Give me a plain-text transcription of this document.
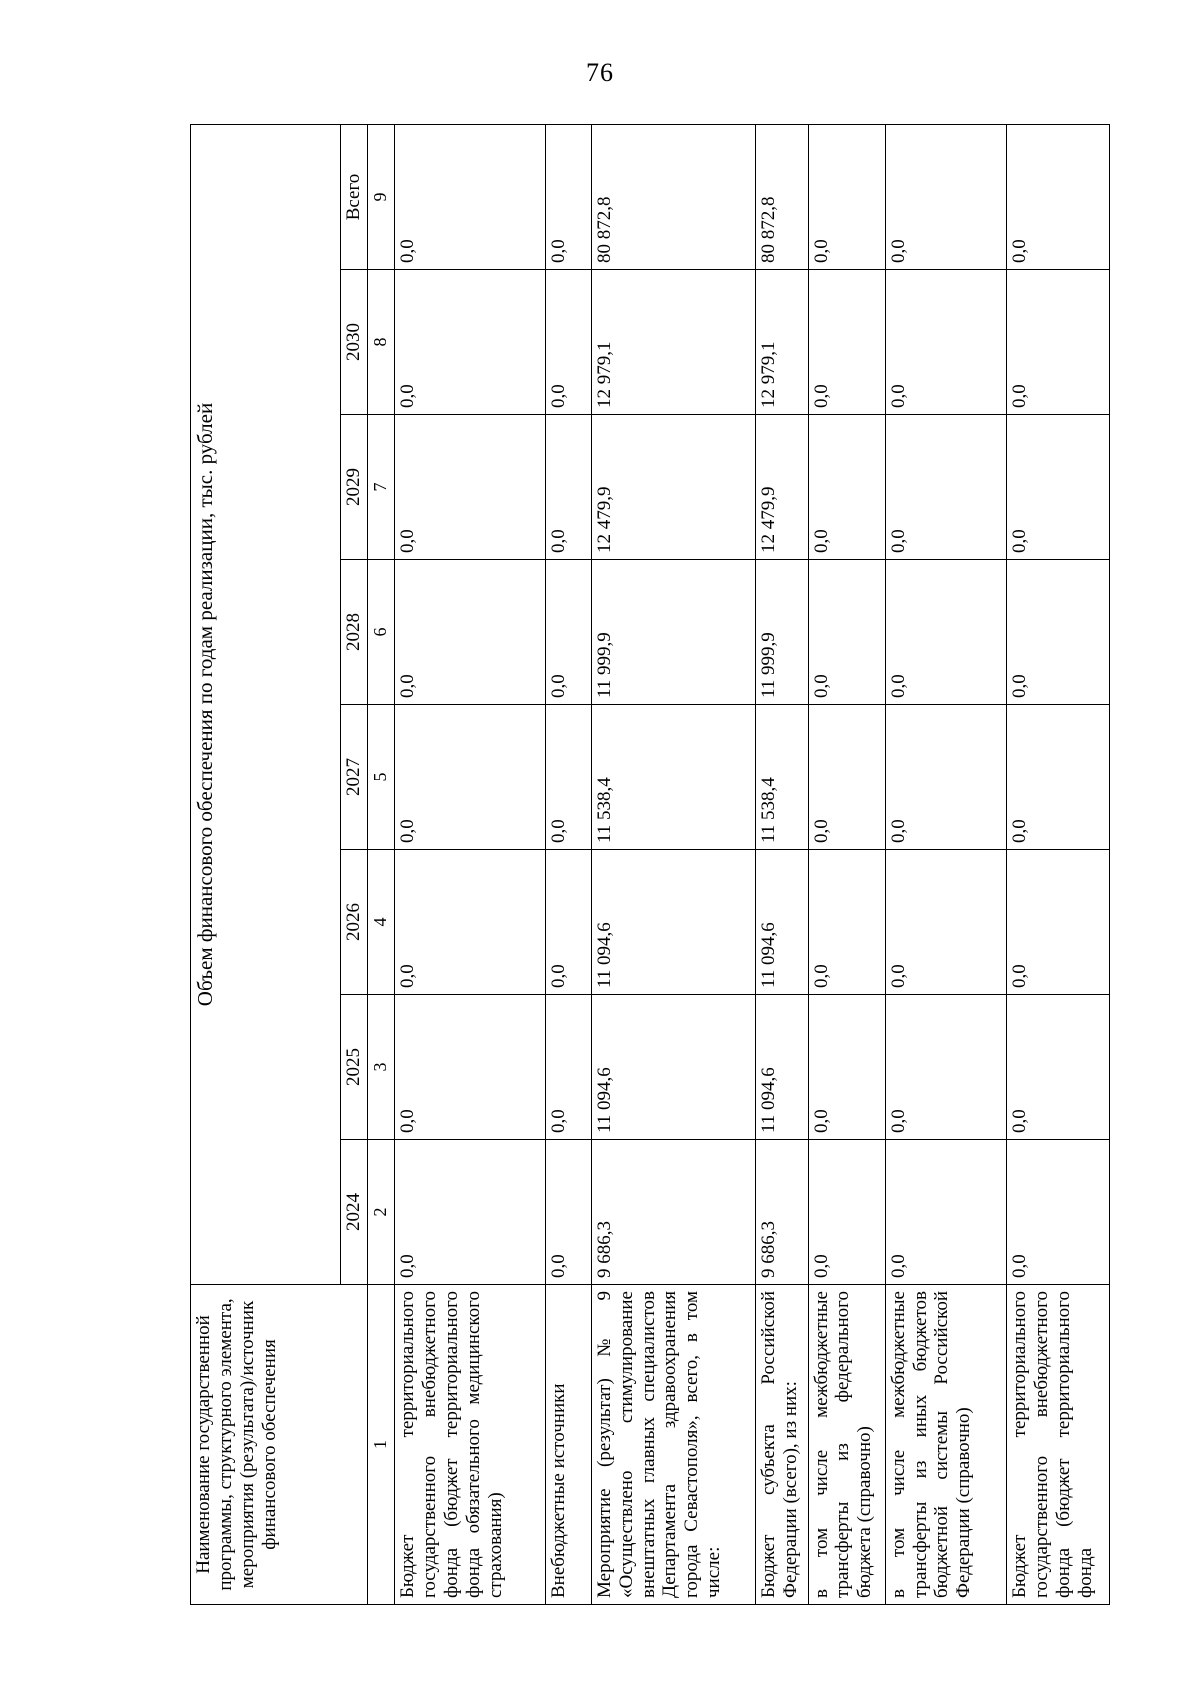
76
Наименование государственной программы, структурного элемента, мероприятия (результата)/источник финансового обеспечения	Объем финансового обеспечения по годам реализации, тыс. рублей							
	2024	2025	2026	2027	2028	2029	2030	Всего
1	2	3	4	5	6	7	8	9
Бюджет территориального государственного внебюджетного фонда (бюджет территориального фонда обязательного медицинского страхования)	0,0	0,0	0,0	0,0	0,0	0,0	0,0	0,0
Внебюджетные источники	0,0	0,0	0,0	0,0	0,0	0,0	0,0	0,0
Мероприятие (результат) № 9 «Осуществлено стимулирование внештатных главных специалистов Департамента здравоохранения города Севастополя», всего, в том числе:	9 686,3	11 094,6	11 094,6	11 538,4	11 999,9	12 479,9	12 979,1	80 872,8
Бюджет субъекта Российской Федерации (всего), из них:	9 686,3	11 094,6	11 094,6	11 538,4	11 999,9	12 479,9	12 979,1	80 872,8
в том числе межбюджетные трансферты из федерального бюджета (справочно)	0,0	0,0	0,0	0,0	0,0	0,0	0,0	0,0
в том числе межбюджетные трансферты из иных бюджетов бюджетной системы Российской Федерации (справочно)	0,0	0,0	0,0	0,0	0,0	0,0	0,0	0,0
Бюджет территориального государственного внебюджетного фонда (бюджет территориального фонда	0,0	0,0	0,0	0,0	0,0	0,0	0,0	0,0
